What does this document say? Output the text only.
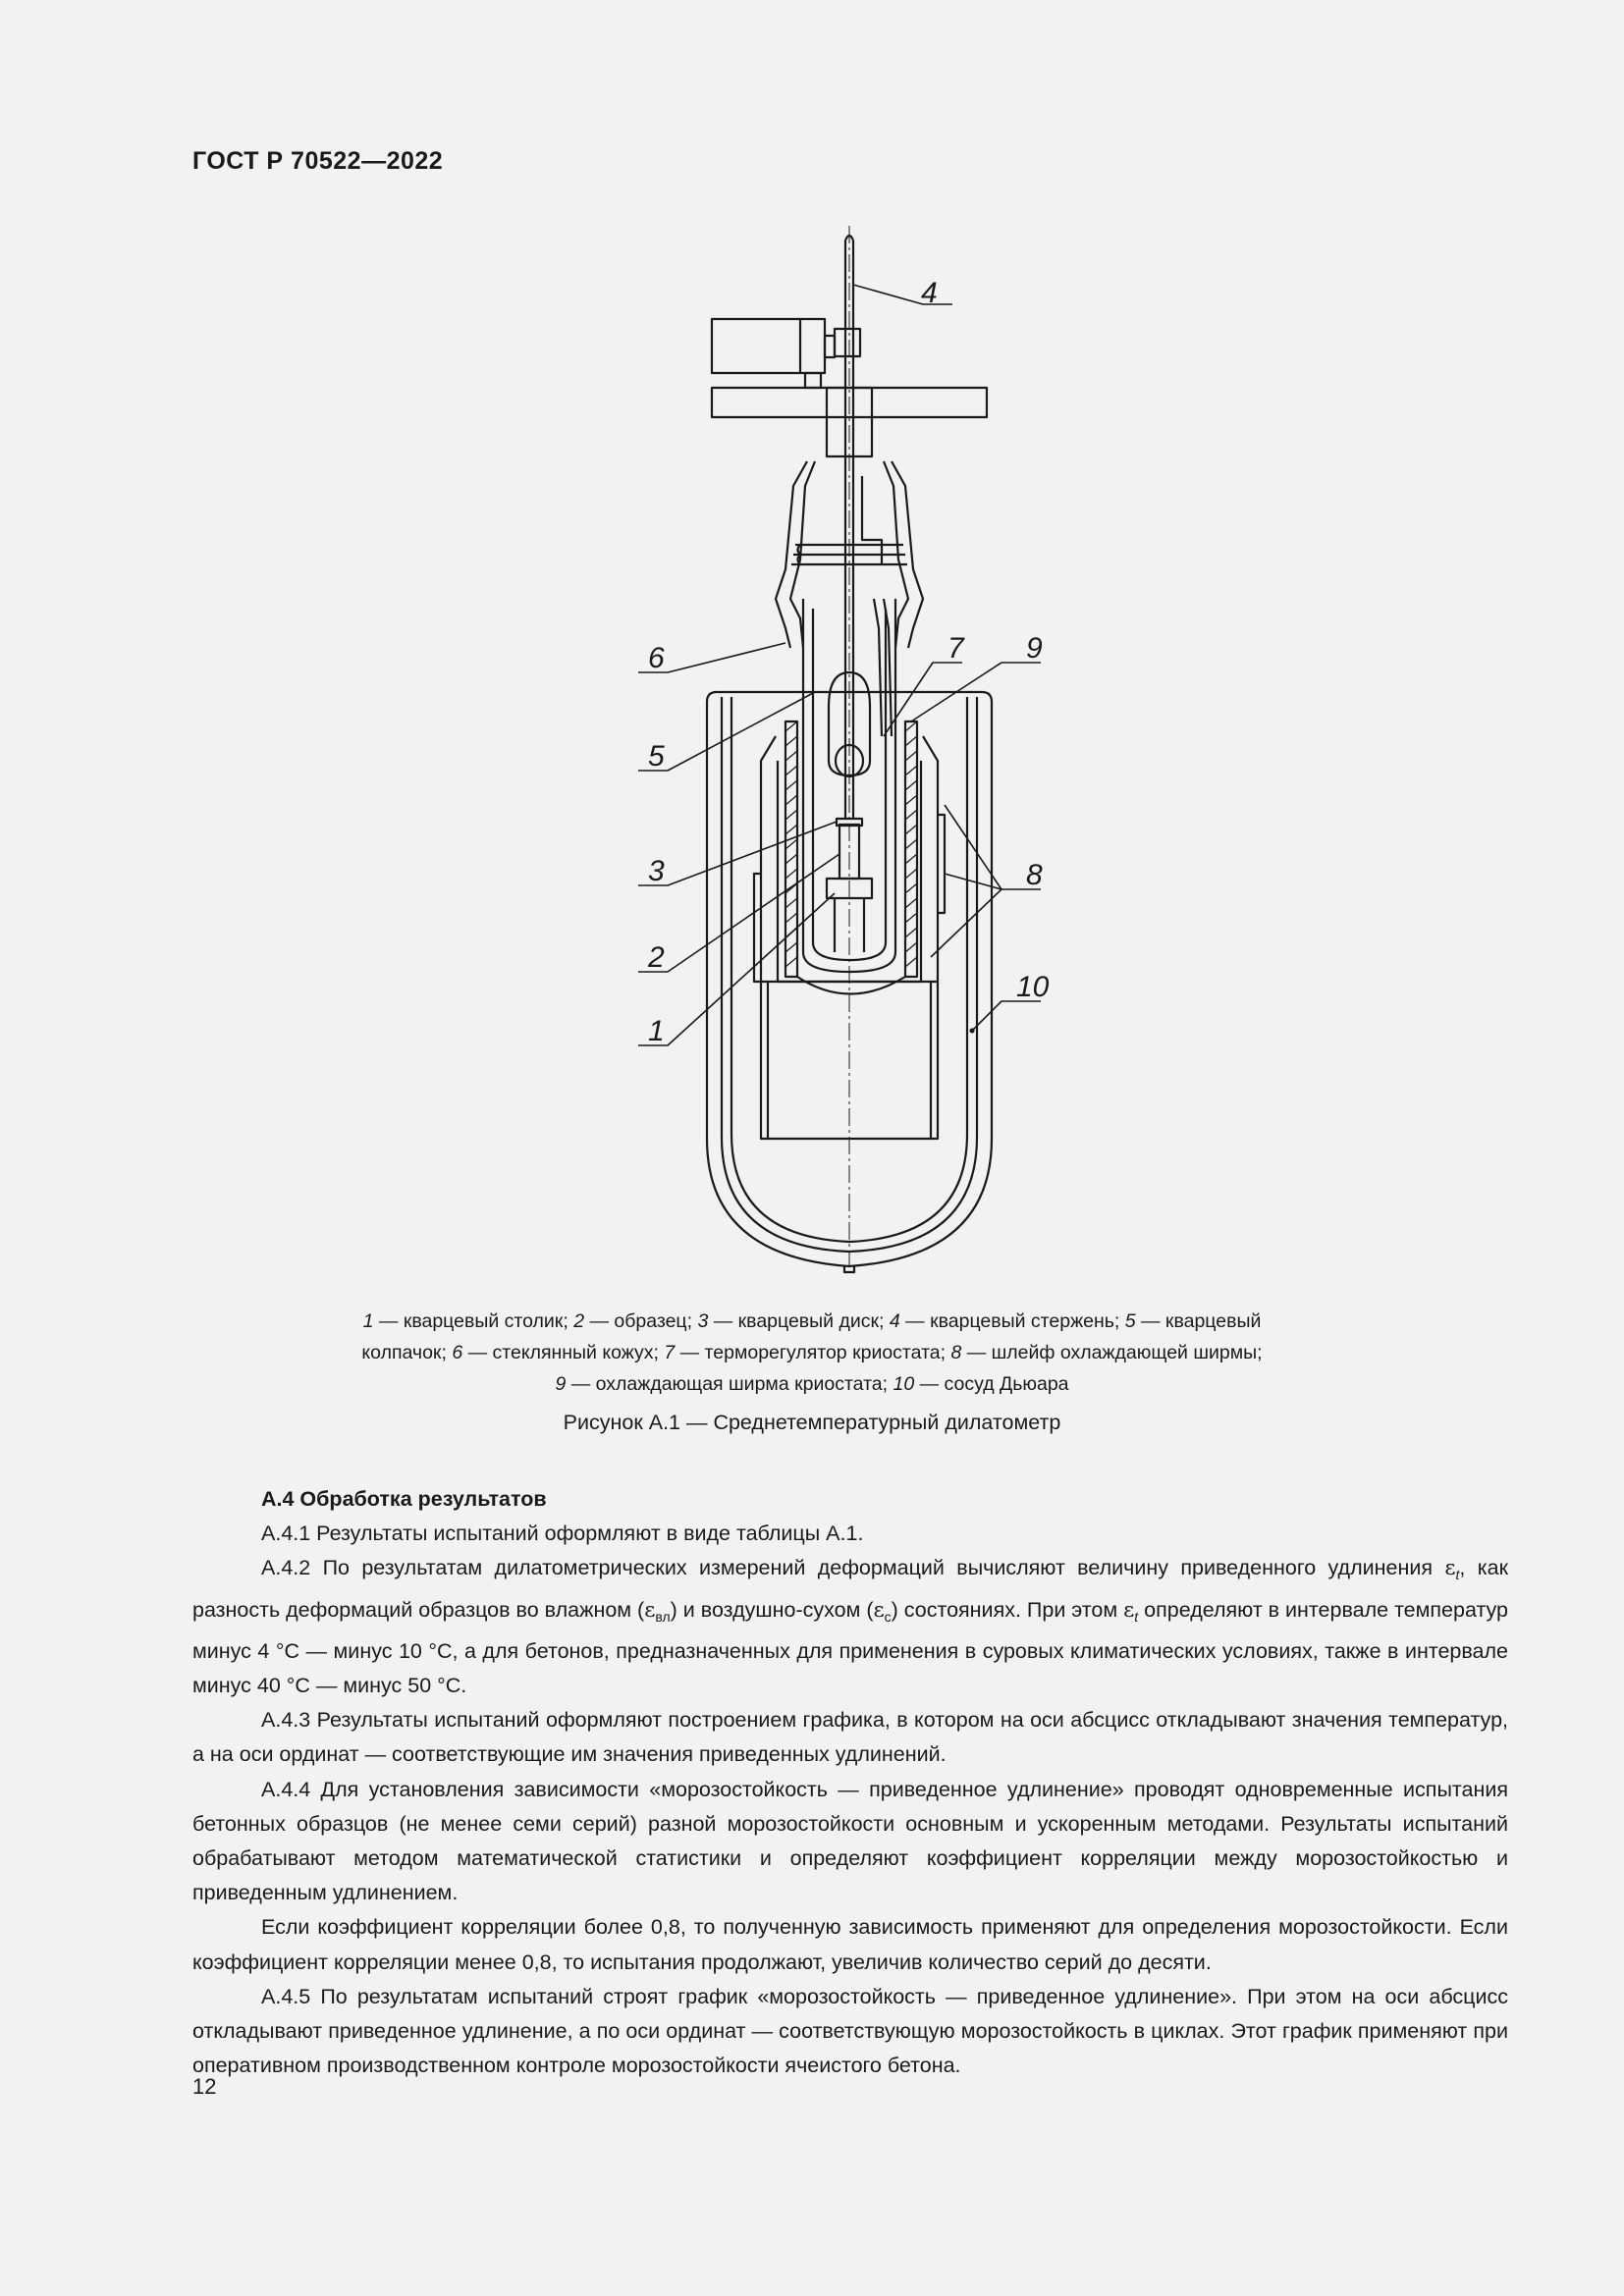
ГОСТ Р 70522—2022
4
6
5
7 9
3	8
2
10
1
1 — кварцевый столик; 2 — образец; 3 — кварцевый диск; 4 — кварцевый стержень; 5 — кварцевый
колпачок; 6 — стеклянный кожух; 7 — терморегулятор криостата; 8 — шлейф охлаждающей ширмы;
9 — охлаждающая ширма криостата; 10 — сосуд Дьюара
Рисунок А.1 — Среднетемпературный дилатометр
А.4 Обработка результатов

А.4.1 Результаты испытаний оформляют в виде таблицы А.1.

А.4.2 По результатам дилатометрических измерений деформаций вычисляют величину приведенного удлинения $\varepsilon_t$, как разность деформаций образцов во влажном $(\varepsilon_{вл})$ и воздушно-сухом $(\varepsilon_с)$ состояниях. При этом $\varepsilon_t$ определяют в интервале температур минус 4 °С — минус 10 °С, а для бетонов, предназначенных для применения в суровых климатических условиях, также в интервале минус 40 °С — минус 50 °С.

А.4.3 Результаты испытаний оформляют построением графика, в котором на оси абсцисс откладывают значения температур, а на оси ординат — соответствующие им значения приведенных удлинений.

А.4.4 Для установления зависимости «морозостойкость — приведенное удлинение» проводят одновременные испытания бетонных образцов (не менее семи серий) разной морозостойкости основным и ускоренным методами. Результаты испытаний обрабатывают методом математической статистики и определяют коэффициент корреляции между морозостойкостью и приведенным удлинением.

Если коэффициент корреляции более 0,8, то полученную зависимость применяют для определения морозостойкости. Если коэффициент корреляции менее 0,8, то испытания продолжают, увеличив количество серий до десяти.

А.4.5 По результатам испытаний строят график «морозостойкость — приведенное удлинение». При этом на оси абсцисс откладывают приведенное удлинение, а по оси ординат — соответствующую морозостойкость в циклах. Этот график применяют при оперативном производственном контроле морозостойкости ячеистого бетона.

12
